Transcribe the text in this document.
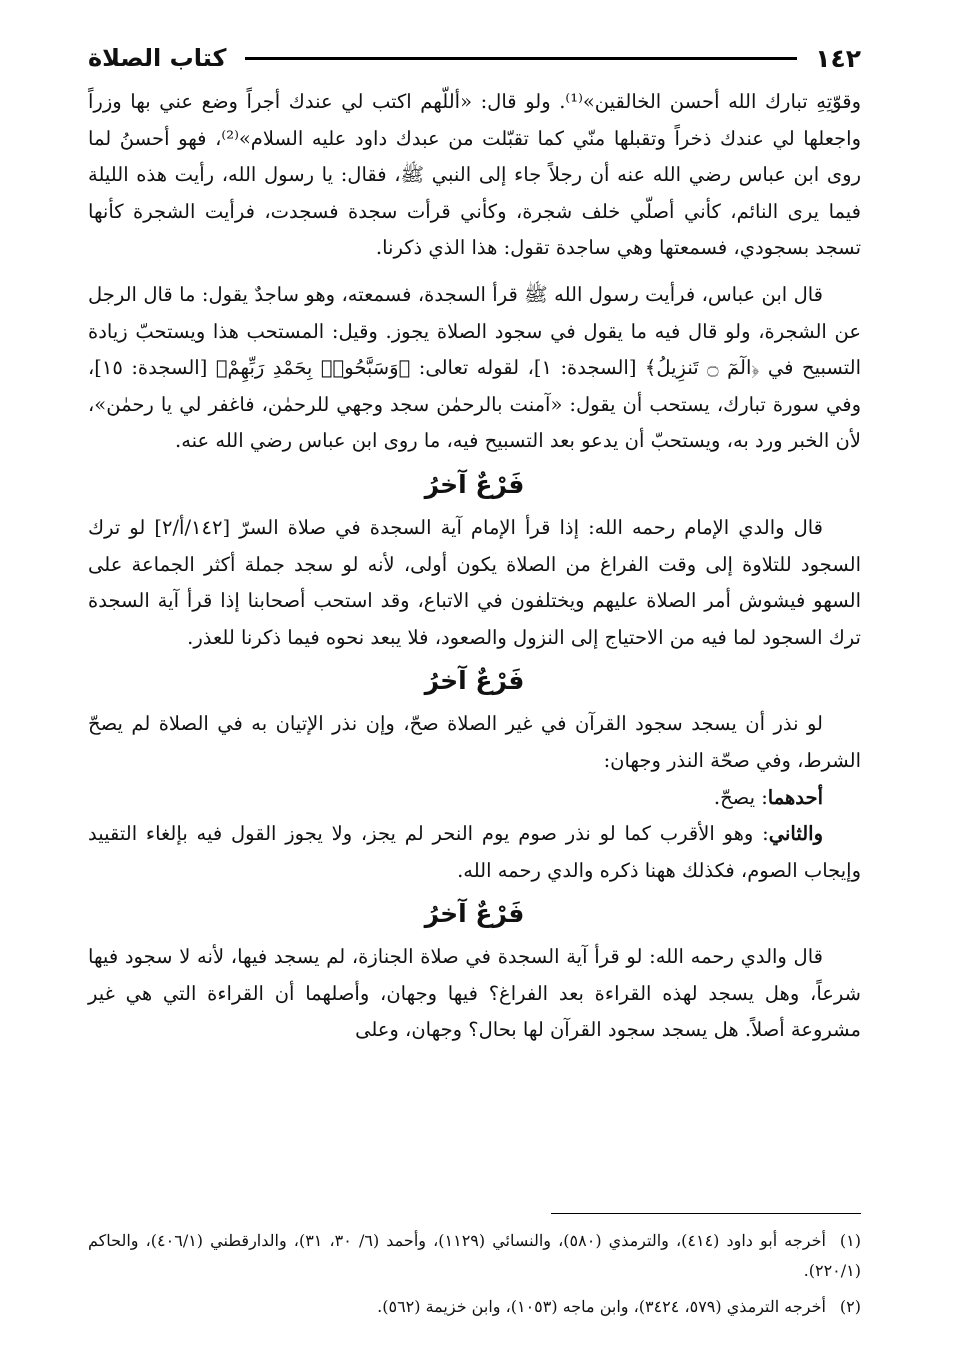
١٤٢
كتاب الصلاة

وقوّتِهِ تبارك الله أحسن الخالقين»⁽¹⁾. ولو قال: «أللّهم اكتب لي عندك أجراً وضع عني بها وزراً واجعلها لي عندك ذخراً وتقبلها منّي كما تقبّلت من عبدك داود عليه السلام»⁽²⁾، فهو أحسنُ لما روى ابن عباس رضي الله عنه أن رجلاً جاء إلى النبي ﷺ، فقال: يا رسول الله، رأيت هذه الليلة فيما يرى النائم، كأني أصلّي خلف شجرة، وكأني قرأت سجدة فسجدت، فرأيت الشجرة كأنها تسجد بسجودي، فسمعتها وهي ساجدة تقول: هذا الذي ذكرنا.

قال ابن عباس، فرأيت رسول الله ﷺ قرأ السجدة، فسمعته، وهو ساجدٌ يقول: ما قال الرجل عن الشجرة، ولو قال فيه ما يقول في سجود الصلاة يجوز. وقيل: المستحب هذا ويستحبّ زيادة التسبيح في ﴿الٓمٓ ۝ تَنزِيلُ﴾ [السجدة: ١]، لقوله تعالى: ﴿وَسَبَّحُوا۟ بِحَمْدِ رَبِّهِمْ﴾ [السجدة: ١٥]، وفي سورة تبارك، يستحب أن يقول: «آمنت بالرحمٰن سجد وجهي للرحمٰن، فاغفر لي يا رحمٰن»، لأن الخبر ورد به، ويستحبّ أن يدعو بعد التسبيح فيه، ما روى ابن عباس رضي الله عنه.

فَرْعٌ آخرُ

قال والدي الإمام رحمه الله: إذا قرأ الإمام آية السجدة في صلاة السرّ [١٤٢/أ/٢] لو ترك السجود للتلاوة إلى وقت الفراغ من الصلاة يكون أولى، لأنه لو سجد جملة أكثر الجماعة على السهو فيشوش أمر الصلاة عليهم ويختلفون في الاتباع، وقد استحب أصحابنا إذا قرأ آية السجدة ترك السجود لما فيه من الاحتياج إلى النزول والصعود، فلا يبعد نحوه فيما ذكرنا للعذر.

فَرْعٌ آخرُ

لو نذر أن يسجد سجود القرآن في غير الصلاة صحّ، وإن نذر الإتيان به في الصلاة لم يصحّ الشرط، وفي صحّة النذر وجهان:

أحدهما: يصحّ.

والثاني: وهو الأقرب كما لو نذر صوم يوم النحر لم يجز، ولا يجوز القول فيه بإلغاء التقييد وإيجاب الصوم، فكذلك ههنا ذكره والدي رحمه الله.

فَرْعٌ آخرُ

قال والدي رحمه الله: لو قرأ آية السجدة في صلاة الجنازة، لم يسجد فيها، لأنه لا سجود فيها شرعاً، وهل يسجد لهذه القراءة بعد الفراغ؟ فيها وجهان، وأصلهما أن القراءة التي هي غير مشروعة أصلاً. هل يسجد سجود القرآن لها بحال؟ وجهان، وعلى

(١)أخرجه أبو داود (٤١٤)، والترمذي (٥٨٠)، والنسائي (١١٢٩)، وأحمد (٦/ ٣٠، ٣١)، والدارقطني (٤٠٦/١)، والحاكم (٢٢٠/١).

(٢)أخرجه الترمذي (٥٧٩، ٣٤٢٤)، وابن ماجه (١٠٥٣)، وابن خزيمة (٥٦٢).
